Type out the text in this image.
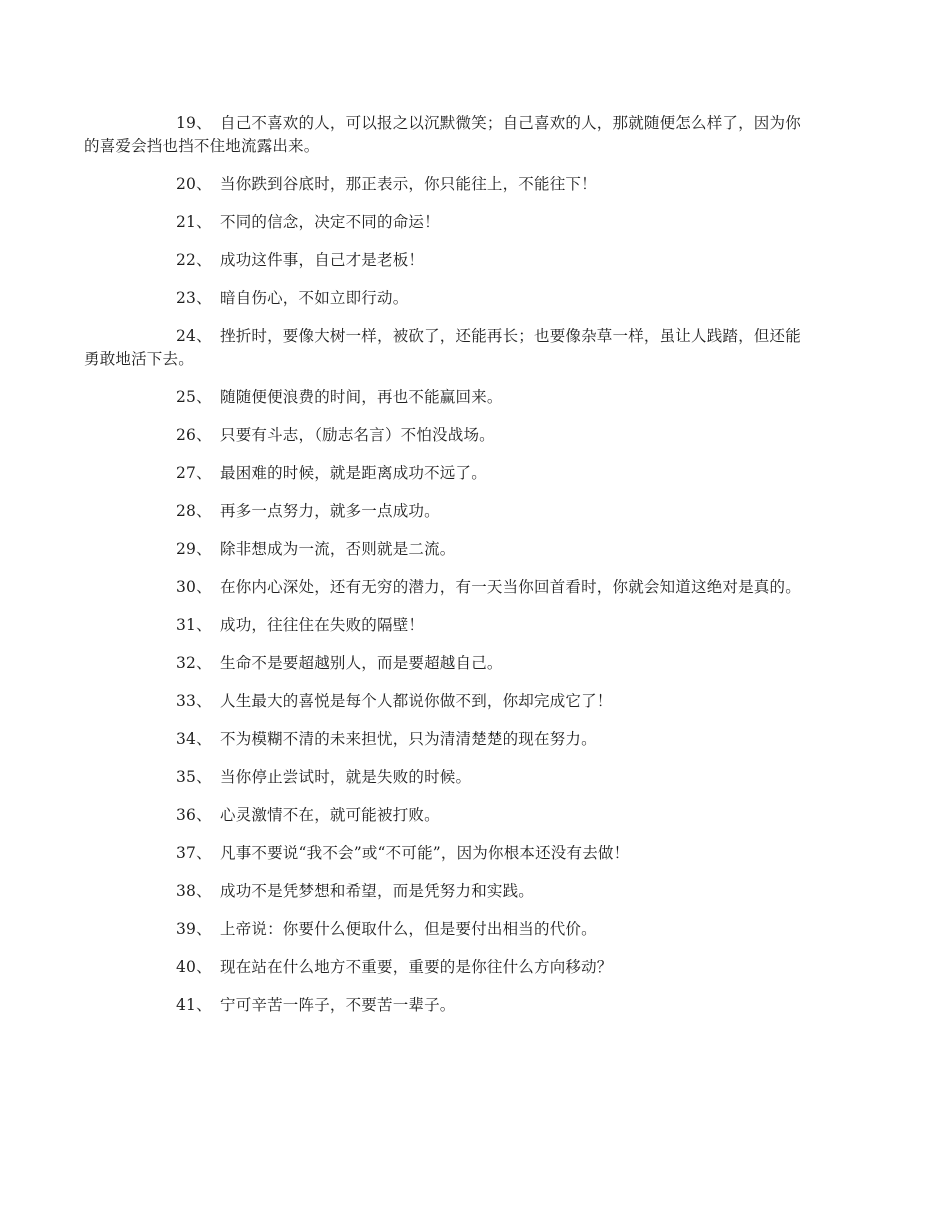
19、 自己不喜欢的人，可以报之以沉默微笑；自己喜欢的人，那就随便怎么样了，因为你的喜爱会挡也挡不住地流露出来。

20、 当你跌到谷底时，那正表示，你只能往上，不能往下！

21、 不同的信念，决定不同的命运！

22、 成功这件事，自己才是老板！

23、 暗自伤心，不如立即行动。

24、 挫折时，要像大树一样，被砍了，还能再长；也要像杂草一样，虽让人践踏，但还能勇敢地活下去。

25、 随随便便浪费的时间，再也不能赢回来。

26、 只要有斗志，（励志名言）不怕没战场。

27、 最困难的时候，就是距离成功不远了。

28、 再多一点努力，就多一点成功。

29、 除非想成为一流，否则就是二流。

30、 在你内心深处，还有无穷的潜力，有一天当你回首看时，你就会知道这绝对是真的。

31、 成功，往往住在失败的隔壁！

32、 生命不是要超越别人，而是要超越自己。

33、 人生最大的喜悦是每个人都说你做不到，你却完成它了！

34、 不为模糊不清的未来担忧，只为清清楚楚的现在努力。

35、 当你停止尝试时，就是失败的时候。

36、 心灵激情不在，就可能被打败。

37、 凡事不要说“我不会”或“不可能”，因为你根本还没有去做！

38、 成功不是凭梦想和希望，而是凭努力和实践。

39、 上帝说：你要什么便取什么，但是要付出相当的代价。

40、 现在站在什么地方不重要，重要的是你往什么方向移动？

41、 宁可辛苦一阵子，不要苦一辈子。
